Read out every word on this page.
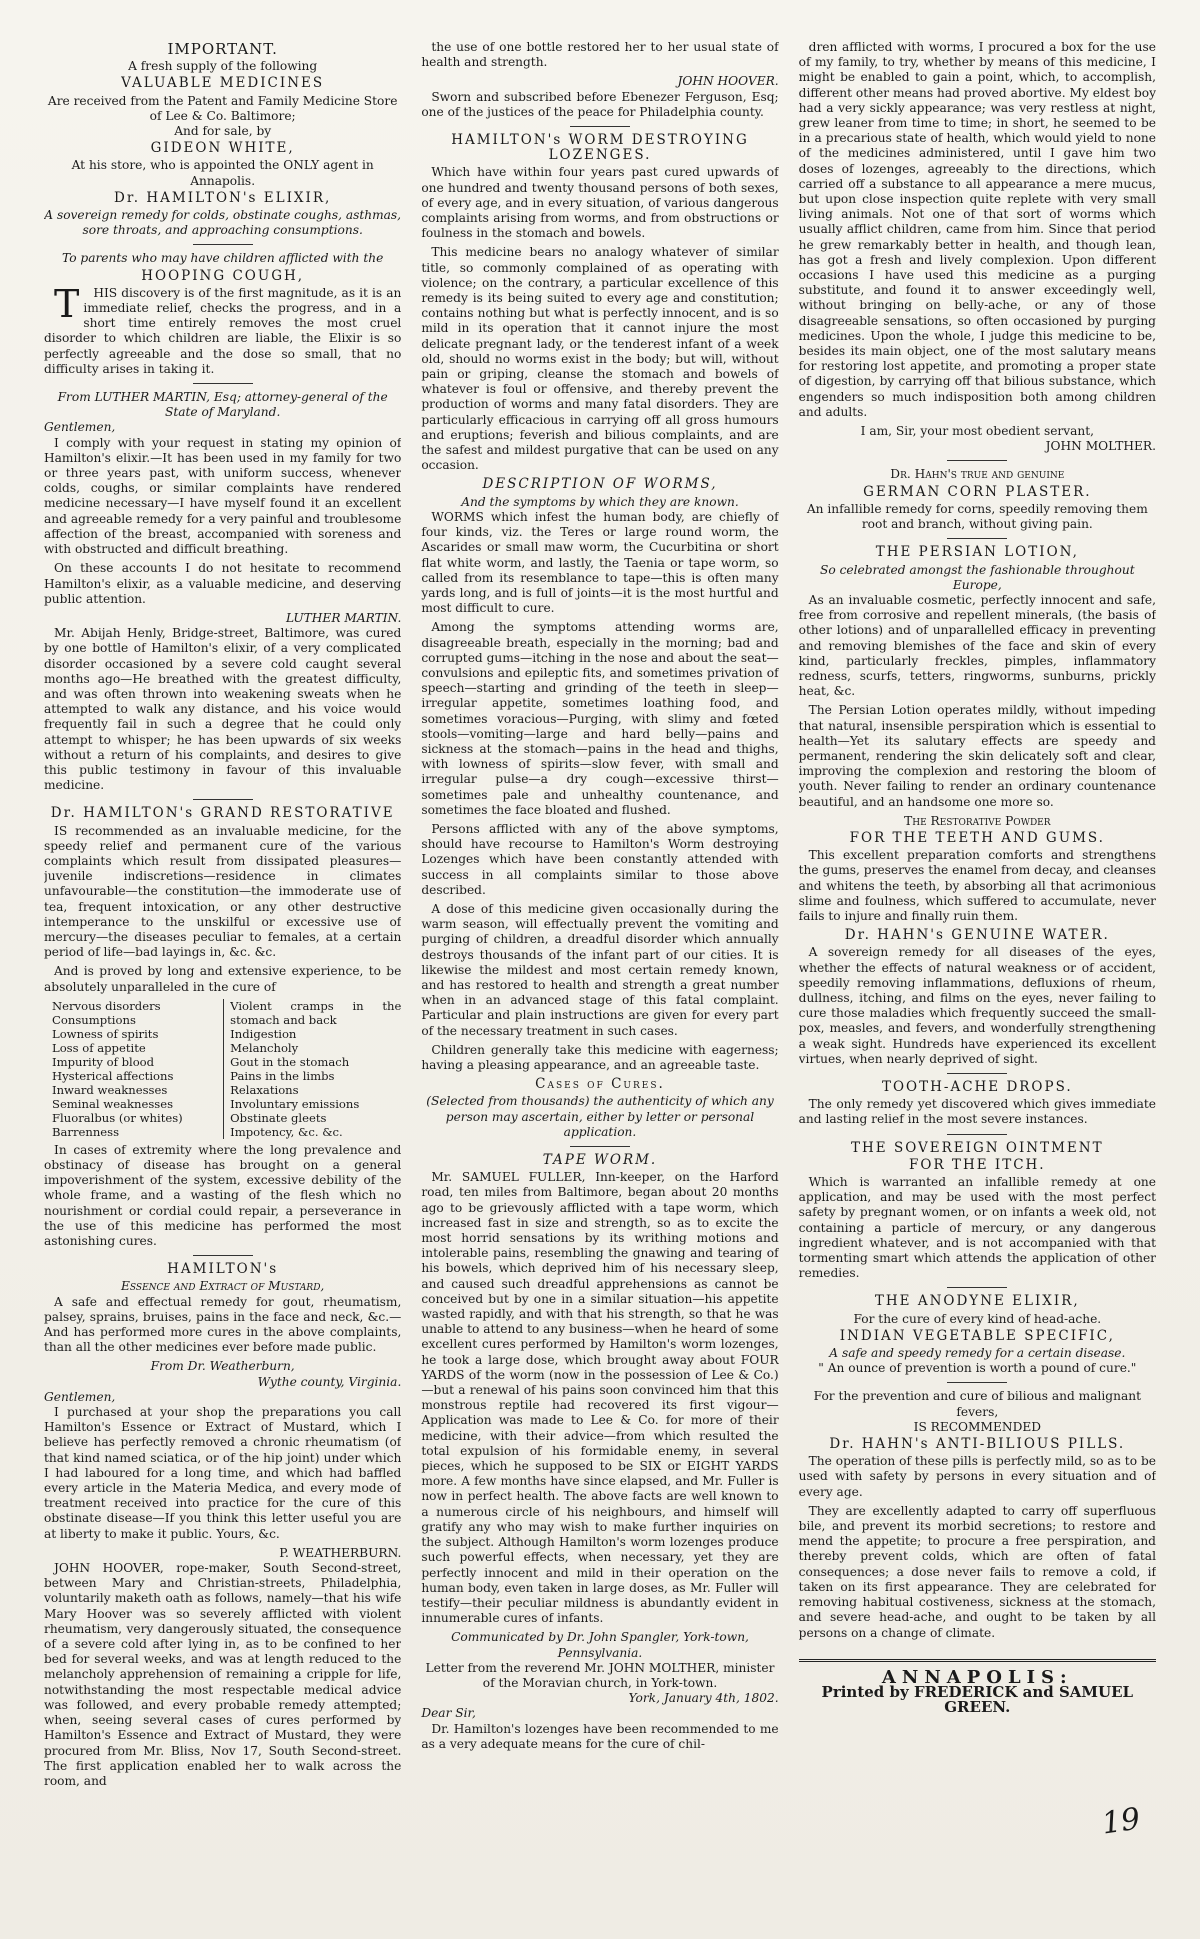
IMPORTANT.
A fresh supply of the following
VALUABLE MEDICINES
Are received from the Patent and Family Medicine Store of Lee & Co. Baltimore;
And for sale, by
GIDEON WHITE,
At his store, who is appointed the ONLY agent in Annapolis.
Dr. HAMILTON's ELIXIR,
A sovereign remedy for colds, obstinate coughs, asthmas, sore throats, and approaching consumptions.
To parents who may have children afflicted with the
HOOPING COUGH,

T HIS discovery is of the first magnitude, as it is an immediate relief, checks the progress, and in a short time entirely removes the most cruel disorder to which children are liable, the Elixir is so perfectly agreeable and the dose so small, that no difficulty arises in taking it.

From LUTHER MARTIN, Esq; attorney-general of the State of Maryland.
Gentlemen,

I comply with your request in stating my opinion of Hamilton's elixir.—It has been used in my family for two or three years past, with uniform success, whenever colds, coughs, or similar complaints have rendered medicine necessary—I have myself found it an excellent and agreeable remedy for a very painful and troublesome affection of the breast, accompanied with soreness and with obstructed and difficult breathing.

On these accounts I do not hesitate to recommend Hamilton's elixir, as a valuable medicine, and deserving public attention.

LUTHER MARTIN.

Mr. Abijah Henly, Bridge-street, Baltimore, was cured by one bottle of Hamilton's elixir, of a very complicated disorder occasioned by a severe cold caught several months ago—He breathed with the greatest difficulty, and was often thrown into weakening sweats when he attempted to walk any distance, and his voice would frequently fail in such a degree that he could only attempt to whisper; he has been upwards of six weeks without a return of his complaints, and desires to give this public testimony in favour of this invaluable medicine.

Dr. HAMILTON's GRAND RESTORATIVE

IS recommended as an invaluable medicine, for the speedy relief and permanent cure of the various complaints which result from dissipated pleasures—juvenile indiscretions—residence in climates unfavourable—the constitution—the immoderate use of tea, frequent intoxication, or any other destructive intemperance to the unskilful or excessive use of mercury—the diseases peculiar to females, at a certain period of life—bad layings in, &c. &c.

And is proved by long and extensive experience, to be absolutely unparalleled in the cure of

Nervous disorders
Consumptions
Lowness of spirits
Loss of appetite
Impurity of blood
Hysterical affections
Inward weaknesses
Seminal weaknesses
Fluoralbus (or whites)
Barrenness
Violent cramps in the stomach and back
Indigestion
Melancholy
Gout in the stomach
Pains in the limbs
Relaxations
Involuntary emissions
Obstinate gleets
Impotency, &c. &c.

In cases of extremity where the long prevalence and obstinacy of disease has brought on a general impoverishment of the system, excessive debility of the whole frame, and a wasting of the flesh which no nourishment or cordial could repair, a perseverance in the use of this medicine has performed the most astonishing cures.

HAMILTON's
Essence and Extract of Mustard,

A safe and effectual remedy for gout, rheumatism, palsey, sprains, bruises, pains in the face and neck, &c.—And has performed more cures in the above complaints, than all the other medicines ever before made public.

From Dr. Weatherburn,
Wythe county, Virginia.
Gentlemen,

I purchased at your shop the preparations you call Hamilton's Essence or Extract of Mustard, which I believe has perfectly removed a chronic rheumatism (of that kind named sciatica, or of the hip joint) under which I had laboured for a long time, and which had baffled every article in the Materia Medica, and every mode of treatment received into practice for the cure of this obstinate disease—If you think this letter useful you are at liberty to make it public. Yours, &c.

P. WEATHERBURN.

JOHN HOOVER, rope-maker, South Second-street, between Mary and Christian-streets, Philadelphia, voluntarily maketh oath as follows, namely—that his wife Mary Hoover was so severely afflicted with violent rheumatism, very dangerously situated, the consequence of a severe cold after lying in, as to be confined to her bed for several weeks, and was at length reduced to the melancholy apprehension of remaining a cripple for life, notwithstanding the most respectable medical advice was followed, and every probable remedy attempted; when, seeing several cases of cures performed by Hamilton's Essence and Extract of Mustard, they were procured from Mr. Bliss, Nov 17, South Second-street. The first application enabled her to walk across the room, and

the use of one bottle restored her to her usual state of health and strength.

JOHN HOOVER.

Sworn and subscribed before Ebenezer Ferguson, Esq; one of the justices of the peace for Philadelphia county.

HAMILTON's WORM DESTROYING LOZENGES.

Which have within four years past cured upwards of one hundred and twenty thousand persons of both sexes, of every age, and in every situation, of various dangerous complaints arising from worms, and from obstructions or foulness in the stomach and bowels.

This medicine bears no analogy whatever of similar title, so commonly complained of as operating with violence; on the contrary, a particular excellence of this remedy is its being suited to every age and constitution; contains nothing but what is perfectly innocent, and is so mild in its operation that it cannot injure the most delicate pregnant lady, or the tenderest infant of a week old, should no worms exist in the body; but will, without pain or griping, cleanse the stomach and bowels of whatever is foul or offensive, and thereby prevent the production of worms and many fatal disorders. They are particularly efficacious in carrying off all gross humours and eruptions; feverish and bilious complaints, and are the safest and mildest purgative that can be used on any occasion.

DESCRIPTION OF WORMS,
And the symptoms by which they are known.

WORMS which infest the human body, are chiefly of four kinds, viz. the Teres or large round worm, the Ascarides or small maw worm, the Cucurbitina or short flat white worm, and lastly, the Taenia or tape worm, so called from its resemblance to tape—this is often many yards long, and is full of joints—it is the most hurtful and most difficult to cure.

Among the symptoms attending worms are, disagreeable breath, especially in the morning; bad and corrupted gums—itching in the nose and about the seat—convulsions and epileptic fits, and sometimes privation of speech—starting and grinding of the teeth in sleep—irregular appetite, sometimes loathing food, and sometimes voracious—Purging, with slimy and fœted stools—vomiting—large and hard belly—pains and sickness at the stomach—pains in the head and thighs, with lowness of spirits—slow fever, with small and irregular pulse—a dry cough—excessive thirst—sometimes pale and unhealthy countenance, and sometimes the face bloated and flushed.

Persons afflicted with any of the above symptoms, should have recourse to Hamilton's Worm destroying Lozenges which have been constantly attended with success in all complaints similar to those above described.

A dose of this medicine given occasionally during the warm season, will effectually prevent the vomiting and purging of children, a dreadful disorder which annually destroys thousands of the infant part of our cities. It is likewise the mildest and most certain remedy known, and has restored to health and strength a great number when in an advanced stage of this fatal complaint. Particular and plain instructions are given for every part of the necessary treatment in such cases.

Children generally take this medicine with eagerness; having a pleasing appearance, and an agreeable taste.

Cases of Cures.
(Selected from thousands) the authenticity of which any person may ascertain, either by letter or personal application.
TAPE WORM.

Mr. SAMUEL FULLER, Inn-keeper, on the Harford road, ten miles from Baltimore, began about 20 months ago to be grievously afflicted with a tape worm, which increased fast in size and strength, so as to excite the most horrid sensations by its writhing motions and intolerable pains, resembling the gnawing and tearing of his bowels, which deprived him of his necessary sleep, and caused such dreadful apprehensions as cannot be conceived but by one in a similar situation—his appetite wasted rapidly, and with that his strength, so that he was unable to attend to any business—when he heard of some excellent cures performed by Hamilton's worm lozenges, he took a large dose, which brought away about FOUR YARDS of the worm (now in the possession of Lee & Co.)—but a renewal of his pains soon convinced him that this monstrous reptile had recovered its first vigour—Application was made to Lee & Co. for more of their medicine, with their advice—from which resulted the total expulsion of his formidable enemy, in several pieces, which he supposed to be SIX or EIGHT YARDS more. A few months have since elapsed, and Mr. Fuller is now in perfect health. The above facts are well known to a numerous circle of his neighbours, and himself will gratify any who may wish to make further inquiries on the subject. Although Hamilton's worm lozenges produce such powerful effects, when necessary, yet they are perfectly innocent and mild in their operation on the human body, even taken in large doses, as Mr. Fuller will testify—their peculiar mildness is abundantly evident in innumerable cures of infants.

Communicated by Dr. John Spangler, York-town, Pennsylvania.
Letter from the reverend Mr. JOHN MOLTHER, minister of the Moravian church, in York-town.
York, January 4th, 1802.
Dear Sir,

Dr. Hamilton's lozenges have been recommended to me as a very adequate means for the cure of chil-

dren afflicted with worms, I procured a box for the use of my family, to try, whether by means of this medicine, I might be enabled to gain a point, which, to accomplish, different other means had proved abortive. My eldest boy had a very sickly appearance; was very restless at night, grew leaner from time to time; in short, he seemed to be in a precarious state of health, which would yield to none of the medicines administered, until I gave him two doses of lozenges, agreeably to the directions, which carried off a substance to all appearance a mere mucus, but upon close inspection quite replete with very small living animals. Not one of that sort of worms which usually afflict children, came from him. Since that period he grew remarkably better in health, and though lean, has got a fresh and lively complexion. Upon different occasions I have used this medicine as a purging substitute, and found it to answer exceedingly well, without bringing on belly-ache, or any of those disagreeable sensations, so often occasioned by purging medicines. Upon the whole, I judge this medicine to be, besides its main object, one of the most salutary means for restoring lost appetite, and promoting a proper state of digestion, by carrying off that bilious substance, which engenders so much indisposition both among children and adults.

I am, Sir, your most obedient servant,
JOHN MOLTHER.
Dr. Hahn's true and genuine
GERMAN CORN PLASTER.
An infallible remedy for corns, speedily removing them root and branch, without giving pain.
THE PERSIAN LOTION,
So celebrated amongst the fashionable throughout Europe,

As an invaluable cosmetic, perfectly innocent and safe, free from corrosive and repellent minerals, (the basis of other lotions) and of unparallelled efficacy in preventing and removing blemishes of the face and skin of every kind, particularly freckles, pimples, inflammatory redness, scurfs, tetters, ringworms, sunburns, prickly heat, &c.

The Persian Lotion operates mildly, without impeding that natural, insensible perspiration which is essential to health—Yet its salutary effects are speedy and permanent, rendering the skin delicately soft and clear, improving the complexion and restoring the bloom of youth. Never failing to render an ordinary countenance beautiful, and an handsome one more so.

The Restorative Powder
FOR THE TEETH AND GUMS.

This excellent preparation comforts and strengthens the gums, preserves the enamel from decay, and cleanses and whitens the teeth, by absorbing all that acrimonious slime and foulness, which suffered to accumulate, never fails to injure and finally ruin them.

Dr. HAHN's GENUINE WATER.

A sovereign remedy for all diseases of the eyes, whether the effects of natural weakness or of accident, speedily removing inflammations, defluxions of rheum, dullness, itching, and films on the eyes, never failing to cure those maladies which frequently succeed the small-pox, measles, and fevers, and wonderfully strengthening a weak sight. Hundreds have experienced its excellent virtues, when nearly deprived of sight.

TOOTH-ACHE DROPS.

The only remedy yet discovered which gives immediate and lasting relief in the most severe instances.

THE SOVEREIGN OINTMENT
FOR THE ITCH.

Which is warranted an infallible remedy at one application, and may be used with the most perfect safety by pregnant women, or on infants a week old, not containing a particle of mercury, or any dangerous ingredient whatever, and is not accompanied with that tormenting smart which attends the application of other remedies.

THE ANODYNE ELIXIR,
For the cure of every kind of head-ache.
INDIAN VEGETABLE SPECIFIC,
A safe and speedy remedy for a certain disease.
" An ounce of prevention is worth a pound of cure."
For the prevention and cure of bilious and malignant fevers,
IS RECOMMENDED
Dr. HAHN's ANTI-BILIOUS PILLS.

The operation of these pills is perfectly mild, so as to be used with safety by persons in every situation and of every age.

They are excellently adapted to carry off superfluous bile, and prevent its morbid secretions; to restore and mend the appetite; to procure a free perspiration, and thereby prevent colds, which are often of fatal consequences; a dose never fails to remove a cold, if taken on its first appearance. They are celebrated for removing habitual costiveness, sickness at the stomach, and severe head-ache, and ought to be taken by all persons on a change of climate.

ANNAPOLIS:
Printed by FREDERICK and SAMUEL GREEN.
19
